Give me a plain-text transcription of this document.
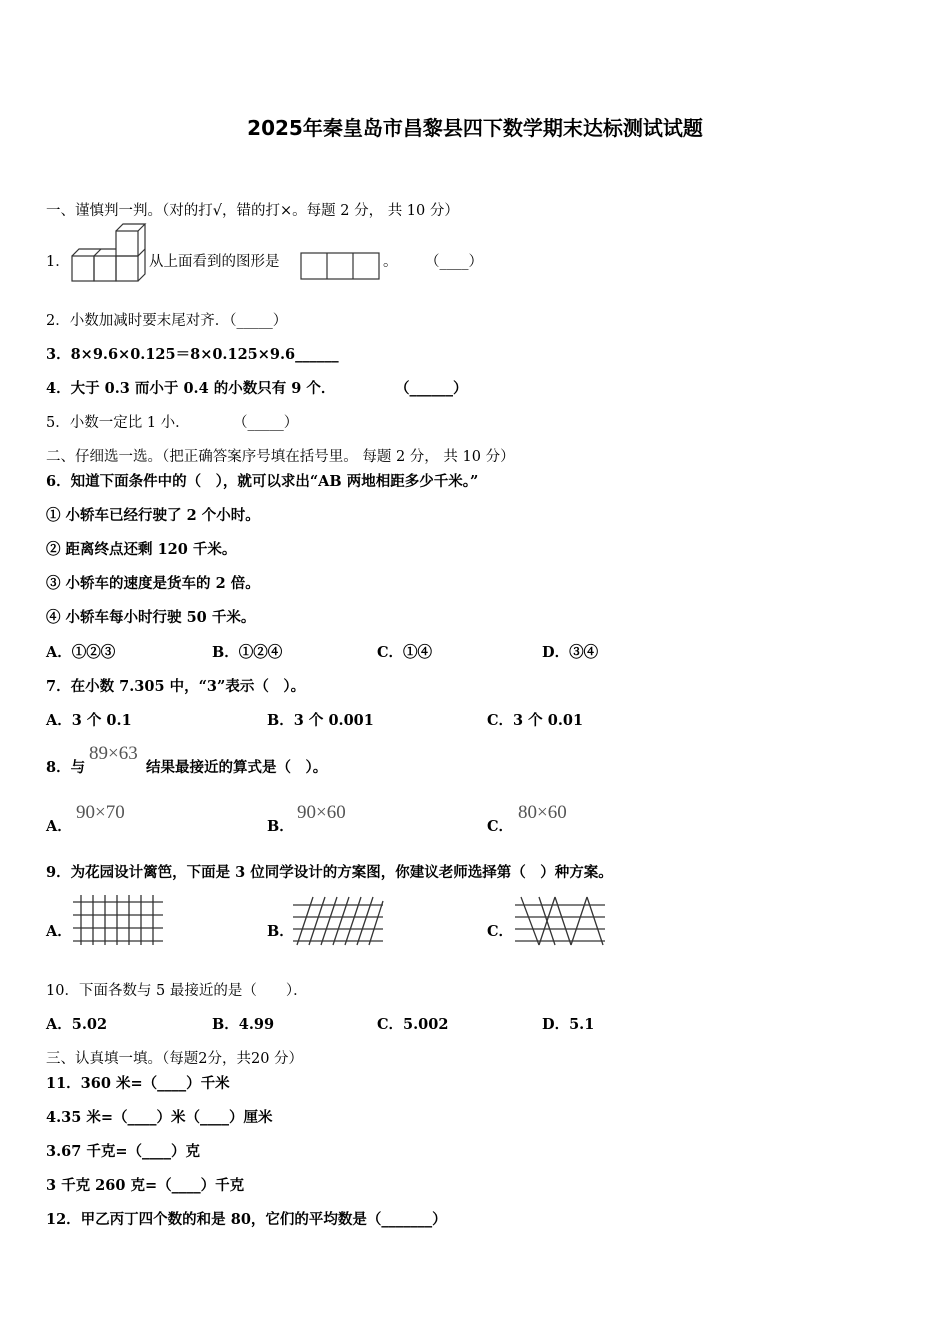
2025年秦皇岛市昌黎县四下数学期末达标测试试题
一、谨慎判一判。（对的打√，错的打×。每题 2 分， 共 10 分）
1．	从上面看到的图形是	。 （____）
2．小数加减时要末尾对齐．（_____）
3．8×9.6×0.125＝8×0.125×9.6______
4．大于 0.3 而小于 0.4 的小数只有 9 个．	（______）
5．小数一定比 1 小．	（_____）
二、仔细选一选。（把正确答案序号填在括号里。 每题 2 分， 共 10 分）
6．知道下面条件中的（　），就可以求出“AB 两地相距多少千米。”
① 小轿车已经行驶了 2 个小时。
② 距离终点还剩 120 千米。
③ 小轿车的速度是货车的 2 倍。
④ 小轿车每小时行驶 50 千米。
A．①②③	B．①②④	C．①④	D．③④
7．在小数 7.305 中，“3”表示（　）。
A．3 个 0.1	B．3 个 0.001	C．3 个 0.01
8．与
89×63
结果最接近的算式是（　）。
A．
90×70
B．
90×60
C．
80×60
9．为花园设计篱笆，下面是 3 位同学设计的方案图，你建议老师选择第（　）种方案。
A．	B．	C．
10．下面各数与 5 最接近的是（　　）．
A．5.02	B．4.99	C．5.002	D．5.1
三、认真填一填。（每题2分，共20 分）
11．360 米=（____）千米
4.35 米=（____）米（____）厘米
3.67 千克=（____）克
3 千克 260 克=（____）千克
12．甲乙丙丁四个数的和是 80，它们的平均数是（_______）
